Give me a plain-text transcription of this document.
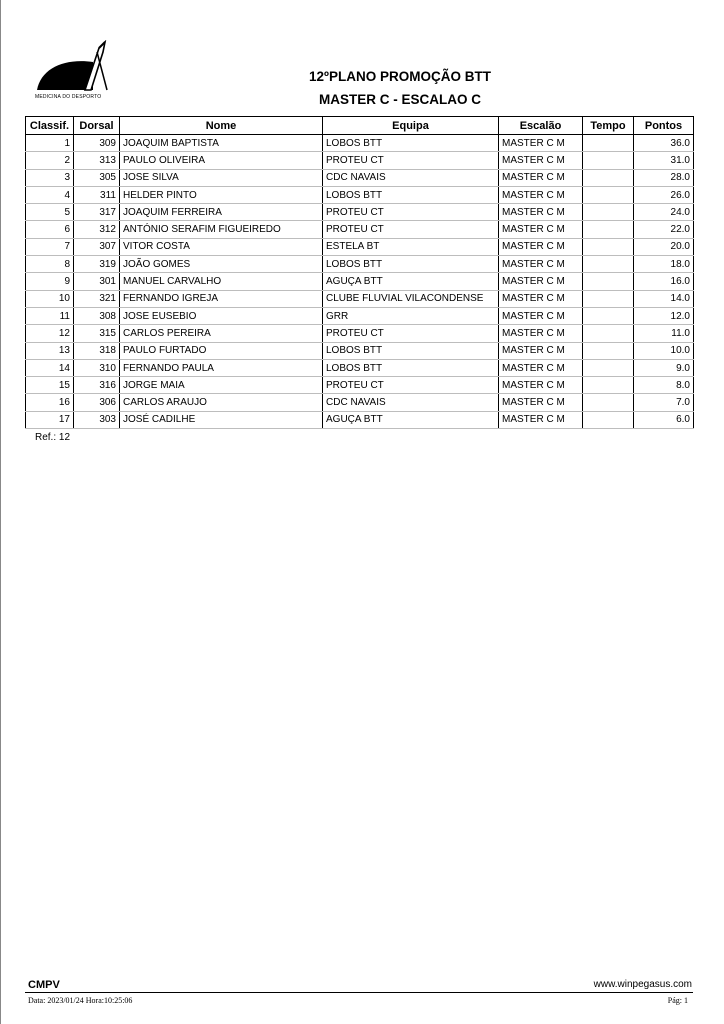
MEDICINA DO DESPORTO
12ºPLANO PROMOÇÃO BTT
MASTER C - ESCALAO C
Classif.	Dorsal	Nome	Equipa	Escalão	Tempo	Pontos
1	309	JOAQUIM BAPTISTA	LOBOS BTT	MASTER C M		36.0
2	313	PAULO OLIVEIRA	PROTEU CT	MASTER C M		31.0
3	305	JOSE SILVA	CDC NAVAIS	MASTER C M		28.0
4	311	HELDER PINTO	LOBOS BTT	MASTER C M		26.0
5	317	JOAQUIM FERREIRA	PROTEU CT	MASTER C M		24.0
6	312	ANTÓNIO SERAFIM FIGUEIREDO	PROTEU CT	MASTER C M		22.0
7	307	VITOR COSTA	ESTELA BT	MASTER C M		20.0
8	319	JOÃO GOMES	LOBOS BTT	MASTER C M		18.0
9	301	MANUEL CARVALHO	AGUÇA BTT	MASTER C M		16.0
10	321	FERNANDO IGREJA	CLUBE FLUVIAL VILACONDENSE	MASTER C M		14.0
11	308	JOSE EUSEBIO	GRR	MASTER C M		12.0
12	315	CARLOS PEREIRA	PROTEU CT	MASTER C M		11.0
13	318	PAULO FURTADO	LOBOS BTT	MASTER C M		10.0
14	310	FERNANDO PAULA	LOBOS BTT	MASTER C M		9.0
15	316	JORGE MAIA	PROTEU CT	MASTER C M		8.0
16	306	CARLOS ARAUJO	CDC NAVAIS	MASTER C M		7.0
17	303	JOSÉ CADILHE	AGUÇA BTT	MASTER C M		6.0
Ref.: 12
CMPV	www.winpegasus.com
Data: 2023/01/24 Hora:10:25:06	Pág: 1
